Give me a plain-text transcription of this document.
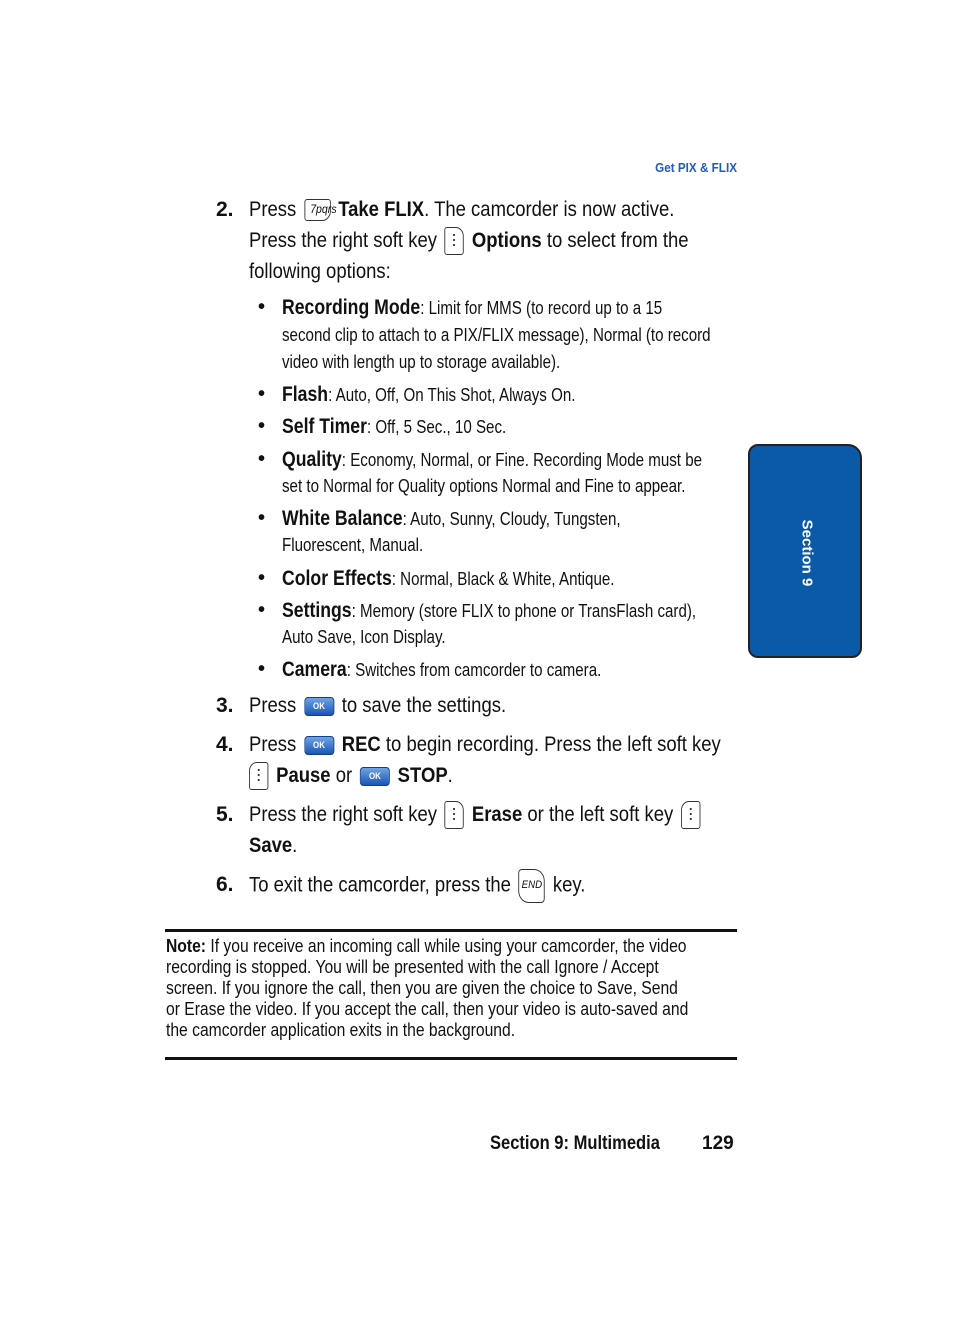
Get PIX & FLIX
Section 9
2. Press 7pqrs Take FLIX. The camcorder is now active.
Press the right soft key Options to select from the
following options:
• Recording Mode: Limit for MMS (to record up to a 15
second clip to attach to a PIX/FLIX message), Normal (to record
video with length up to storage available).
• Flash: Auto, Off, On This Shot, Always On.
• Self Timer: Off, 5 Sec., 10 Sec.
• Quality: Economy, Normal, or Fine. Recording Mode must be
set to Normal for Quality options Normal and Fine to appear.
• White Balance: Auto, Sunny, Cloudy, Tungsten,
Fluorescent, Manual.
• Color Effects: Normal, Black & White, Antique.
• Settings: Memory (store FLIX to phone or TransFlash card),
Auto Save, Icon Display.
• Camera: Switches from camcorder to camera.
3. Press OK to save the settings.
4. Press OK REC to begin recording. Press the left soft key
Pause or OK STOP.
5. Press the right soft key Erase or the left soft key
Save.
6. To exit the camcorder, press the END key.
Note: If you receive an incoming call while using your camcorder, the video
recording is stopped. You will be presented with the call Ignore / Accept
screen. If you ignore the call, then you are given the choice to Save, Send
or Erase the video. If you accept the call, then your video is auto-saved and
the camcorder application exits in the background.
Section 9: Multimedia 129
